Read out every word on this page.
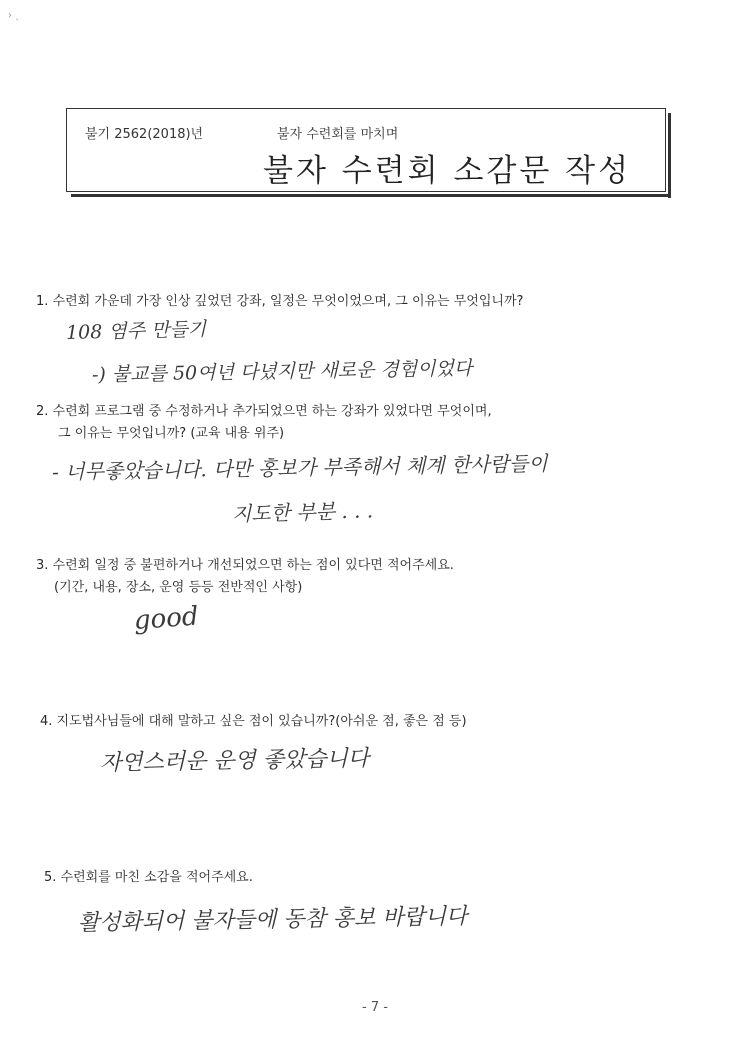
› ˎ
불기 2562(2018)년	불자 수련회를 마치며
불자 수련회 소감문 작성
1. 수련회 가운데 가장 인상 깊었던 강좌, 일정은 무엇이었으며, 그 이유는 무엇입니까?
108 염주 만들기
-) 불교를 50여년 다녔지만 새로운 경험이었다
2. 수련회 프로그램 중 수정하거나 추가되었으면 하는 강좌가 있었다면 무엇이며,
그 이유는 무엇입니까? (교육 내용 위주)
- 너무좋았습니다. 다만 홍보가 부족해서 체계 한사람들이
지도한 부분 . . .
3. 수련회 일정 중 불편하거나 개선되었으면 하는 점이 있다면 적어주세요.
(기간, 내용, 장소, 운영 등등 전반적인 사항)
good
4. 지도법사님들에 대해 말하고 싶은 점이 있습니까?(아쉬운 점, 좋은 점 등)
자연스러운 운영 좋았습니다
5. 수련회를 마친 소감을 적어주세요.
활성화되어 불자들에 동참 홍보 바랍니다
- 7 -
